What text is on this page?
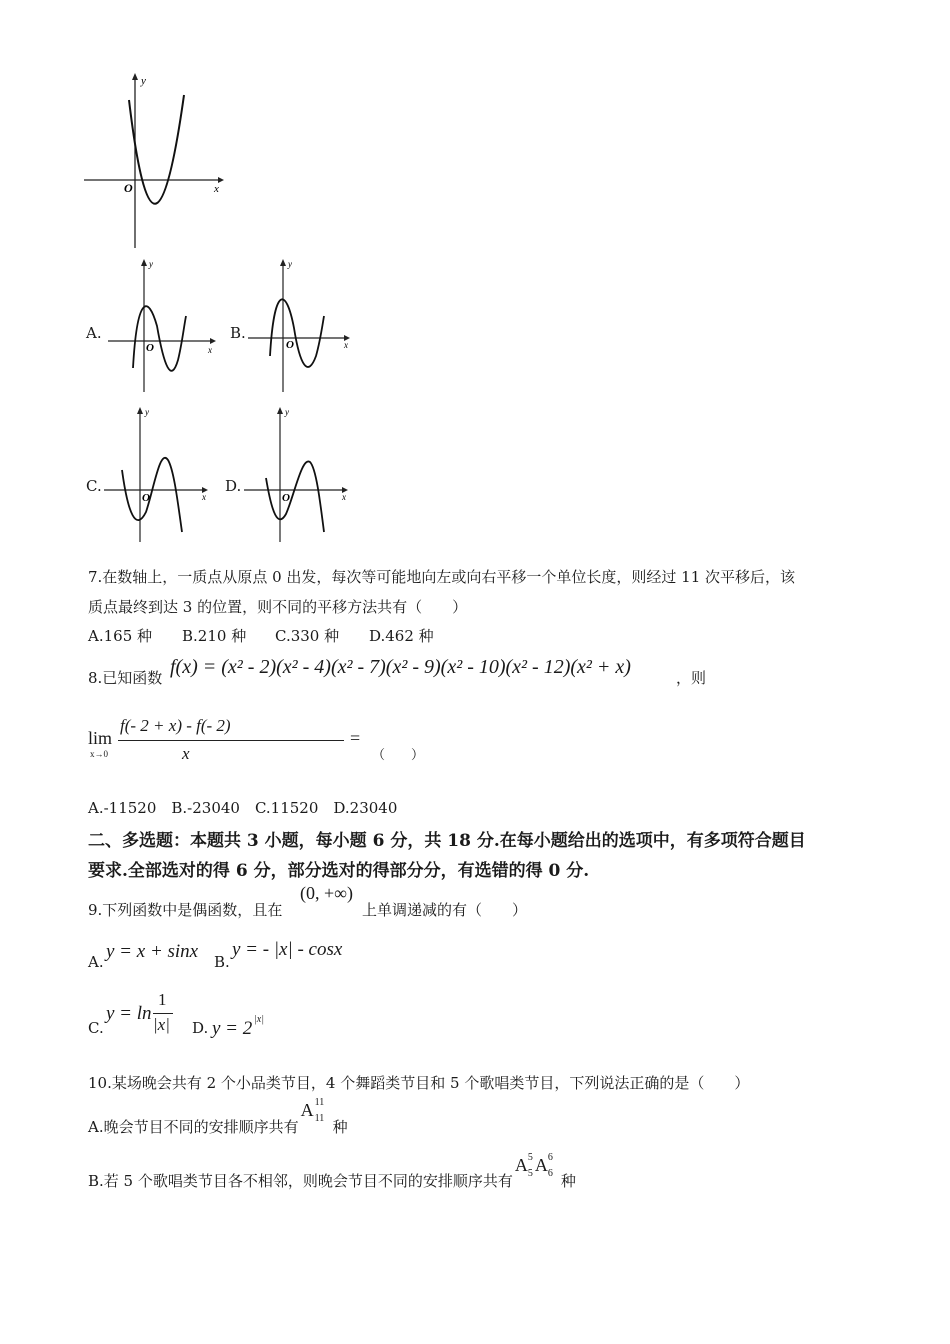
y
x
O
A.
y
x
O
B.
y
x
O
C.
y
x
O
D.
y
x
O
7.在数轴上，一质点从原点 0 出发，每次等可能地向左或向右平移一个单位长度，则经过 11 次平移后，该
质点最终到达 3 的位置，则不同的平移方法共有（　　）
A.165 种 B.210 种 C.330 种 D.462 种
8.已知函数 f(x) = (x² - 2)(x² - 4)(x² - 7)(x² - 9)(x² - 10)(x² - 12)(x² + x)	，则
lim
x→0
f(- 2 + x) - f(- 2)
x
=
（　　）
A.-11520　B.-23040　C.11520　D.23040
二、多选题：本题共 3 小题，每小题 6 分，共 18 分.在每小题给出的选项中，有多项符合题目
要求.全部选对的得 6 分，部分选对的得部分分，有选错的得 0 分.
9.下列函数中是偶函数，且在
(0, +∞)
上单调递减的有（　　）
A. y = x + sinx B.
y = - |x| - cosx
C.
y = ln
1
|x| D. y = 2 |x|
10.某场晚会共有 2 个小品类节目，4 个舞蹈类节目和 5 个歌唱类节目，下列说法正确的是（　　）
A.晚会节目不同的安排顺序共有
A 11
11 种
B.若 5 个歌唱类节目各不相邻，则晚会节目不同的安排顺序共有
A 5
5 A 6
6 种
